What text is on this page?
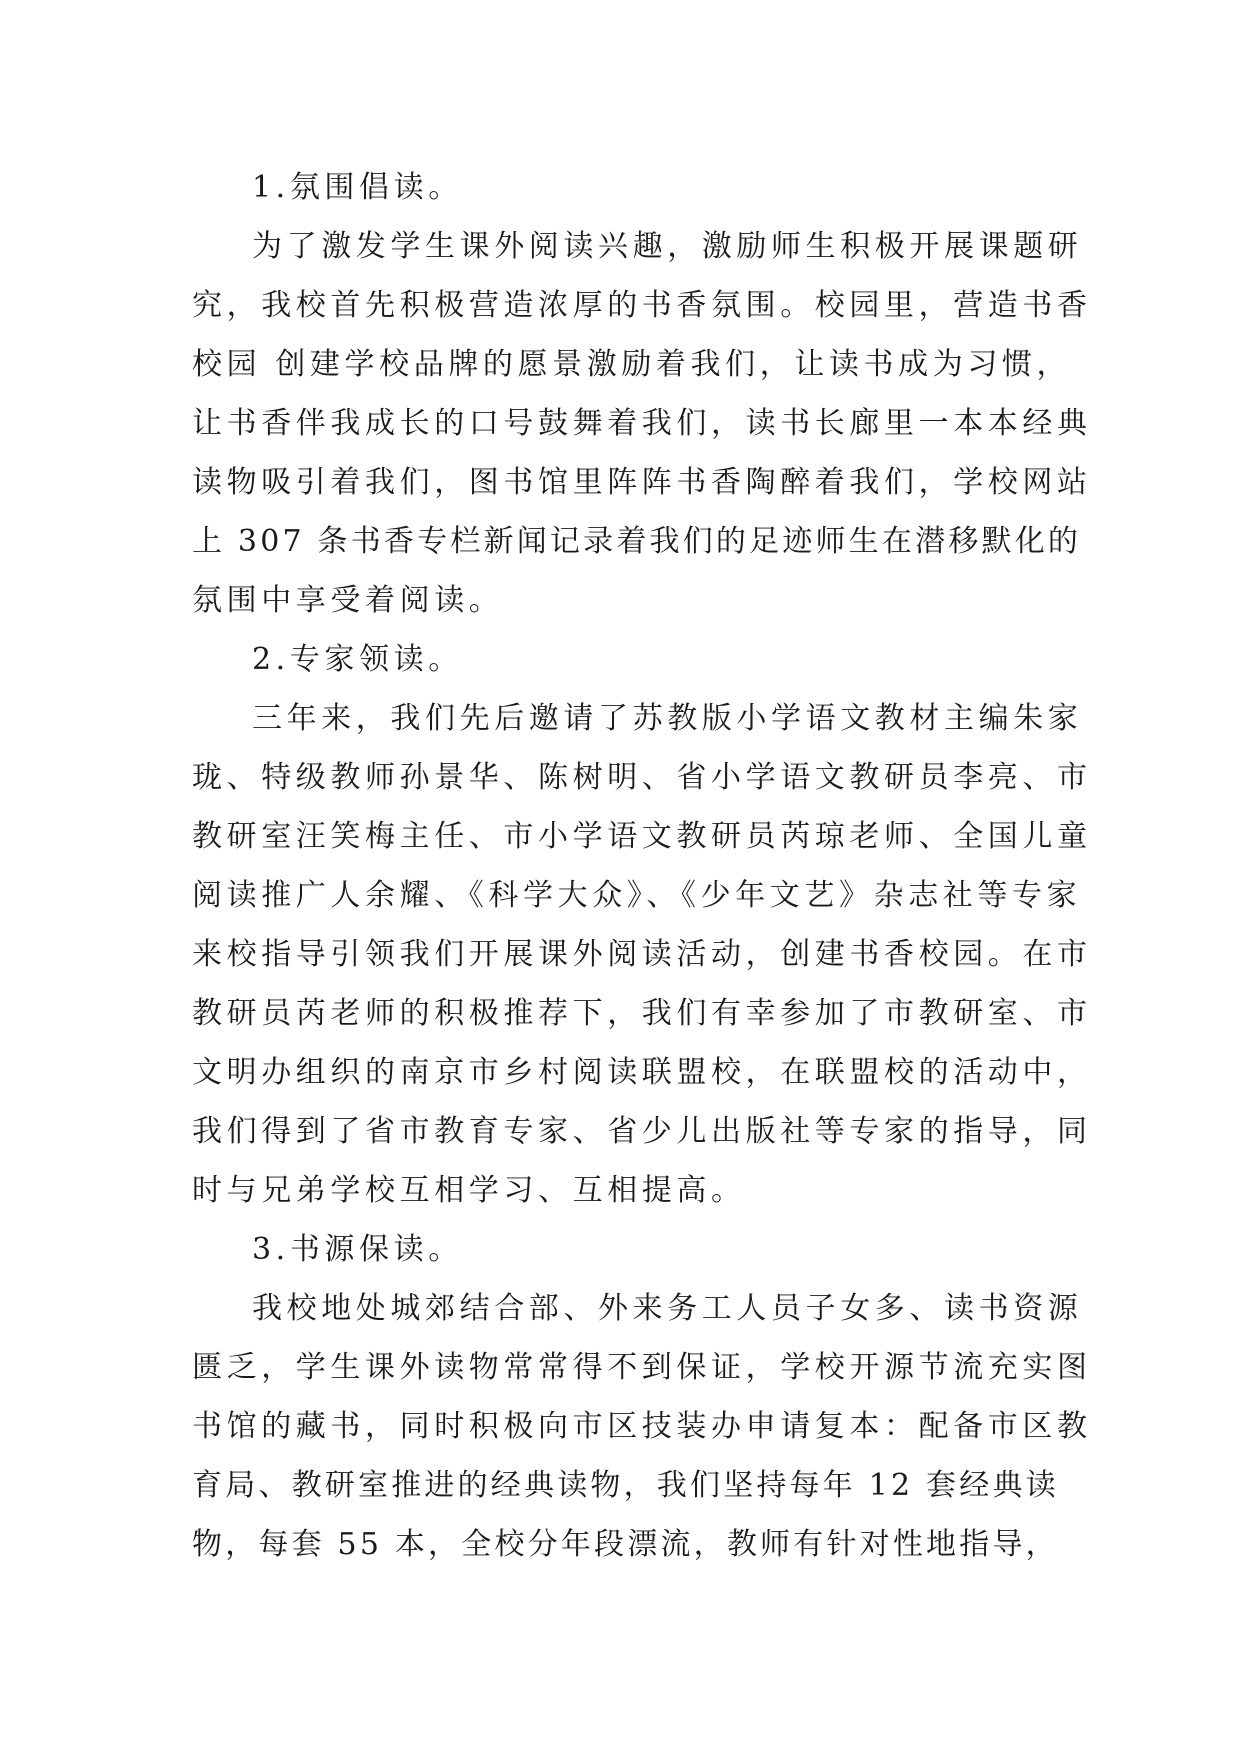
1.氛围倡读。
为了激发学生课外阅读兴趣，激励师生积极开展课题研
究，我校首先积极营造浓厚的书香氛围。校园里，营造书香
校园 创建学校品牌的愿景激励着我们，让读书成为习惯，
让书香伴我成长的口号鼓舞着我们，读书长廊里一本本经典
读物吸引着我们，图书馆里阵阵书香陶醉着我们，学校网站
上 307 条书香专栏新闻记录着我们的足迹师生在潜移默化的
氛围中享受着阅读。
2.专家领读。
三年来，我们先后邀请了苏教版小学语文教材主编朱家
珑、特级教师孙景华、陈树明、省小学语文教研员李亮、市
教研室汪笑梅主任、市小学语文教研员芮琼老师、全国儿童
阅读推广人余耀、《科学大众》、《少年文艺》杂志社等专家
来校指导引领我们开展课外阅读活动，创建书香校园。在市
教研员芮老师的积极推荐下，我们有幸参加了市教研室、市
文明办组织的南京市乡村阅读联盟校，在联盟校的活动中，
我们得到了省市教育专家、省少儿出版社等专家的指导，同
时与兄弟学校互相学习、互相提高。
3.书源保读。
我校地处城郊结合部、外来务工人员子女多、读书资源
匮乏，学生课外读物常常得不到保证，学校开源节流充实图
书馆的藏书，同时积极向市区技装办申请复本：配备市区教
育局、教研室推进的经典读物，我们坚持每年 12 套经典读
物，每套 55 本，全校分年段漂流，教师有针对性地指导，
